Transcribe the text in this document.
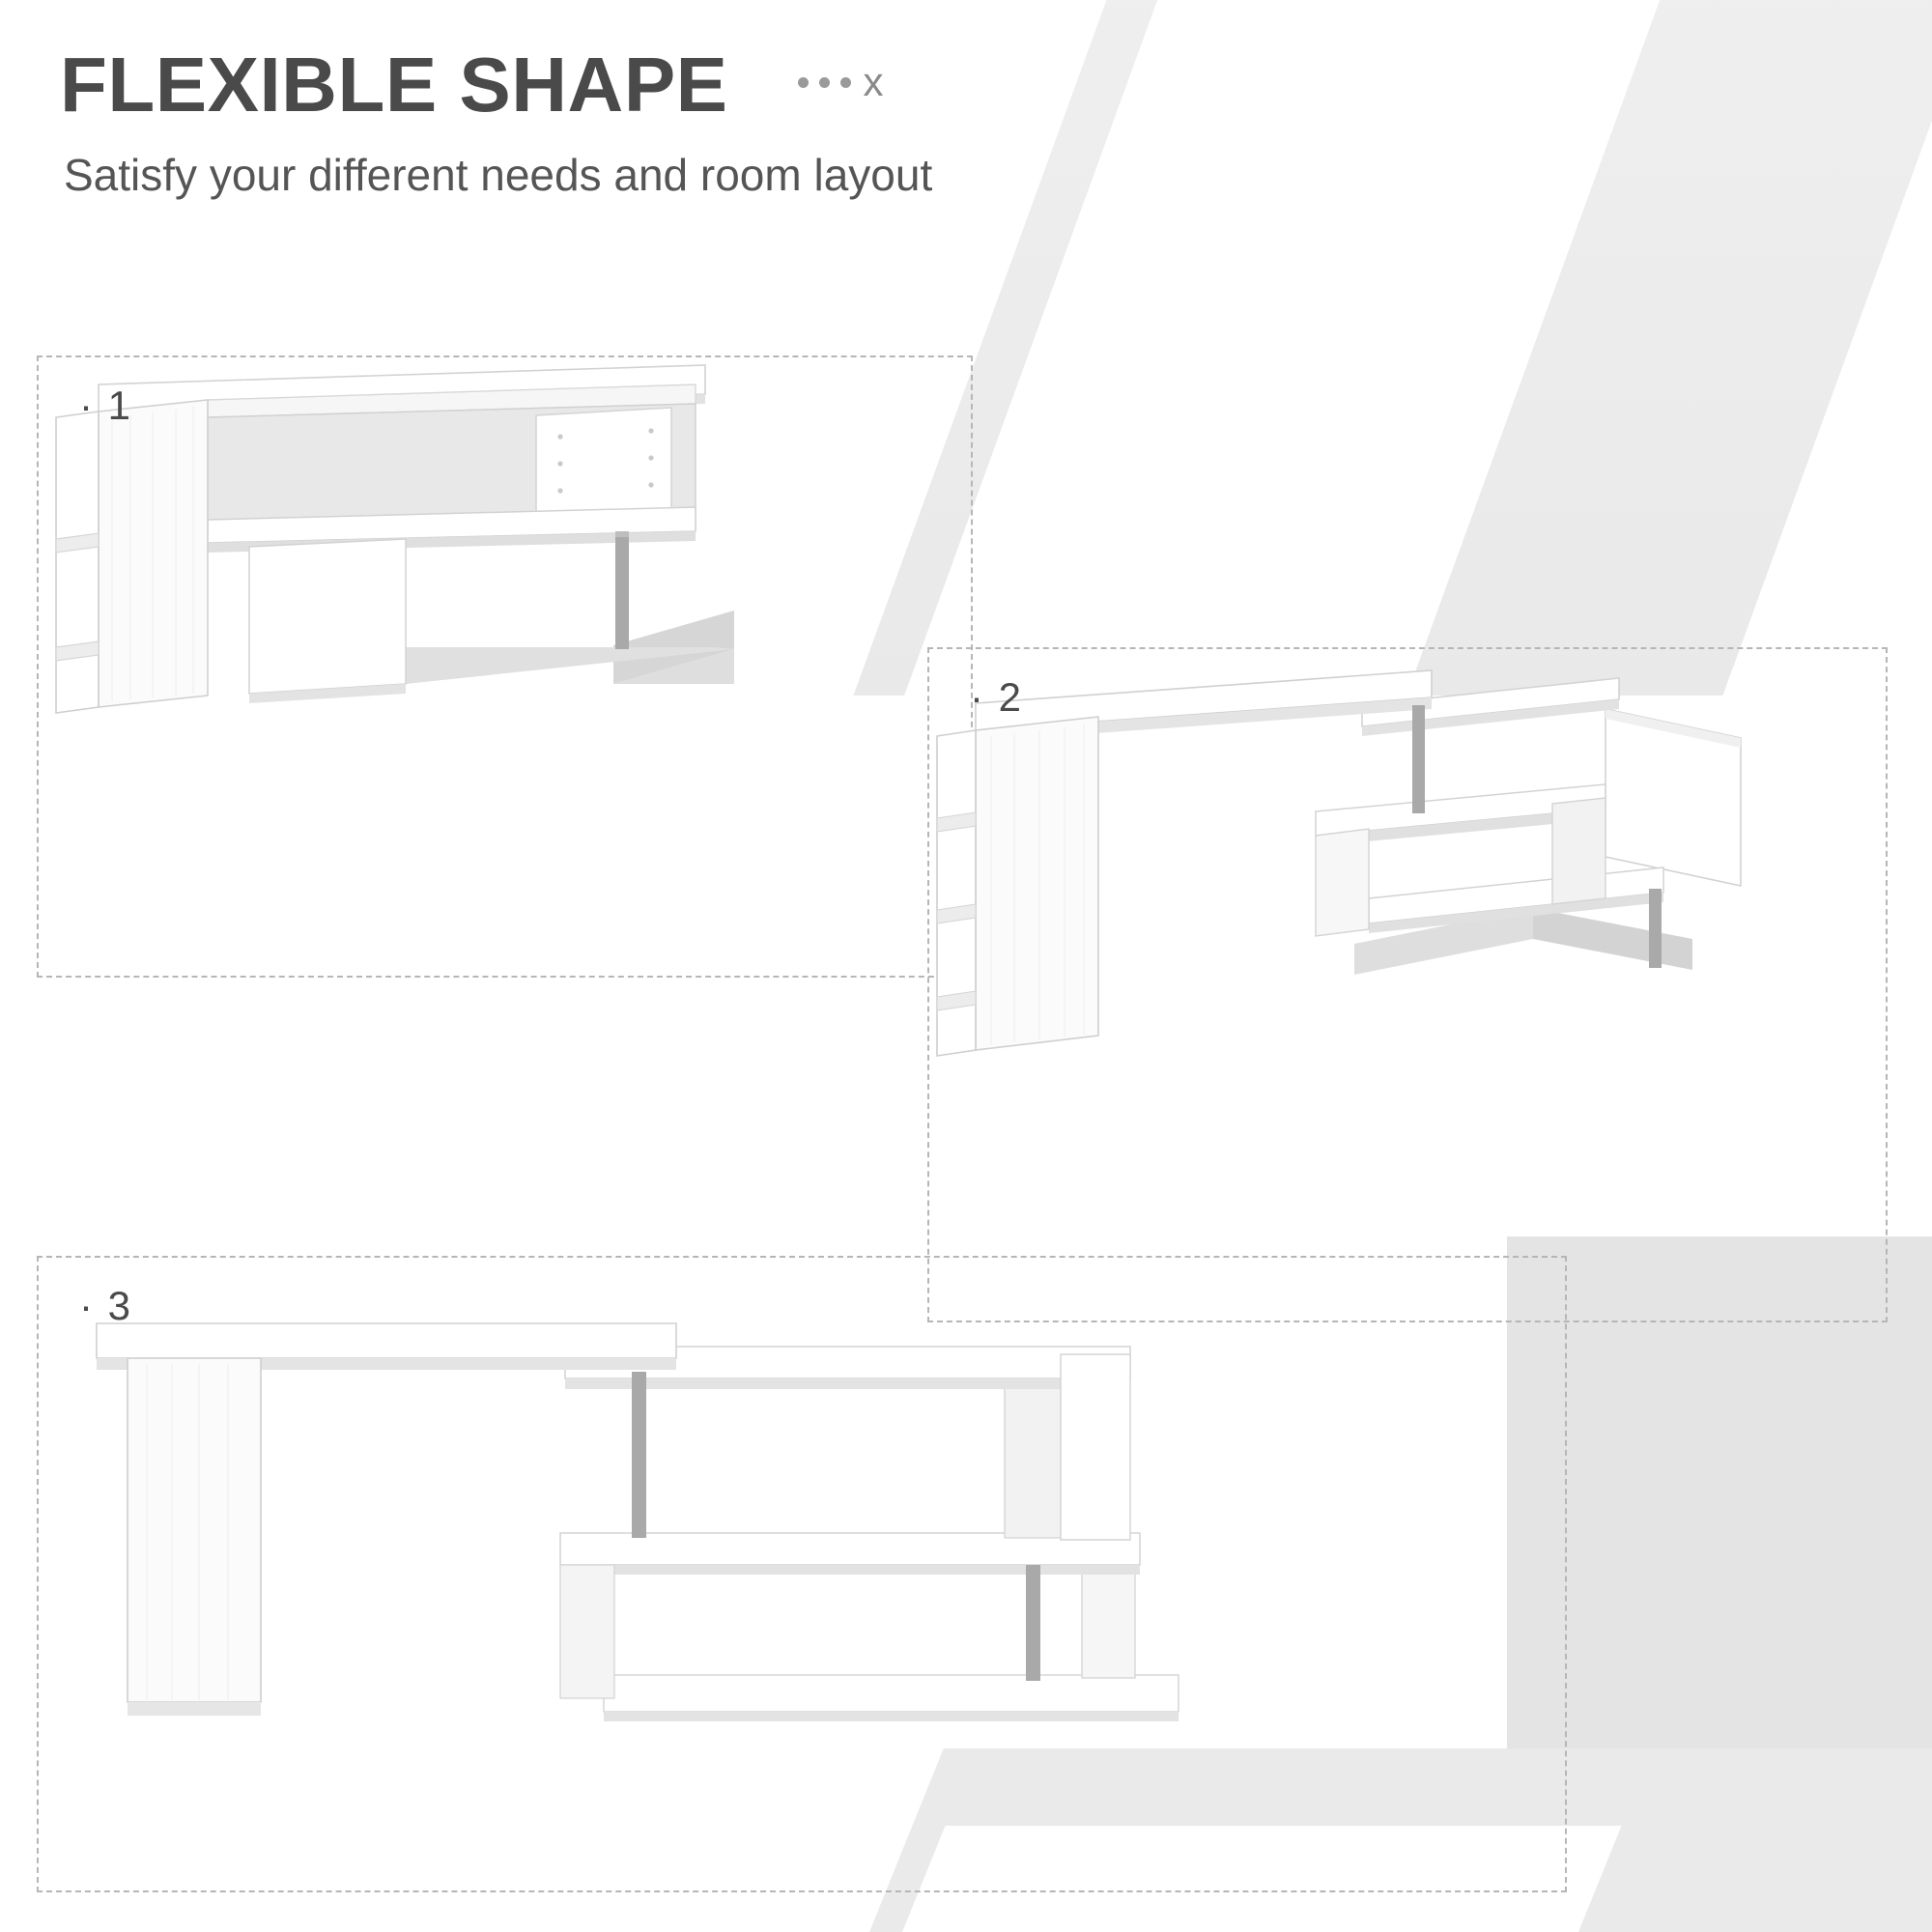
FLEXIBLE SHAPE	x

Satisfy your different needs and room layout

· 1
· 2
· 3
